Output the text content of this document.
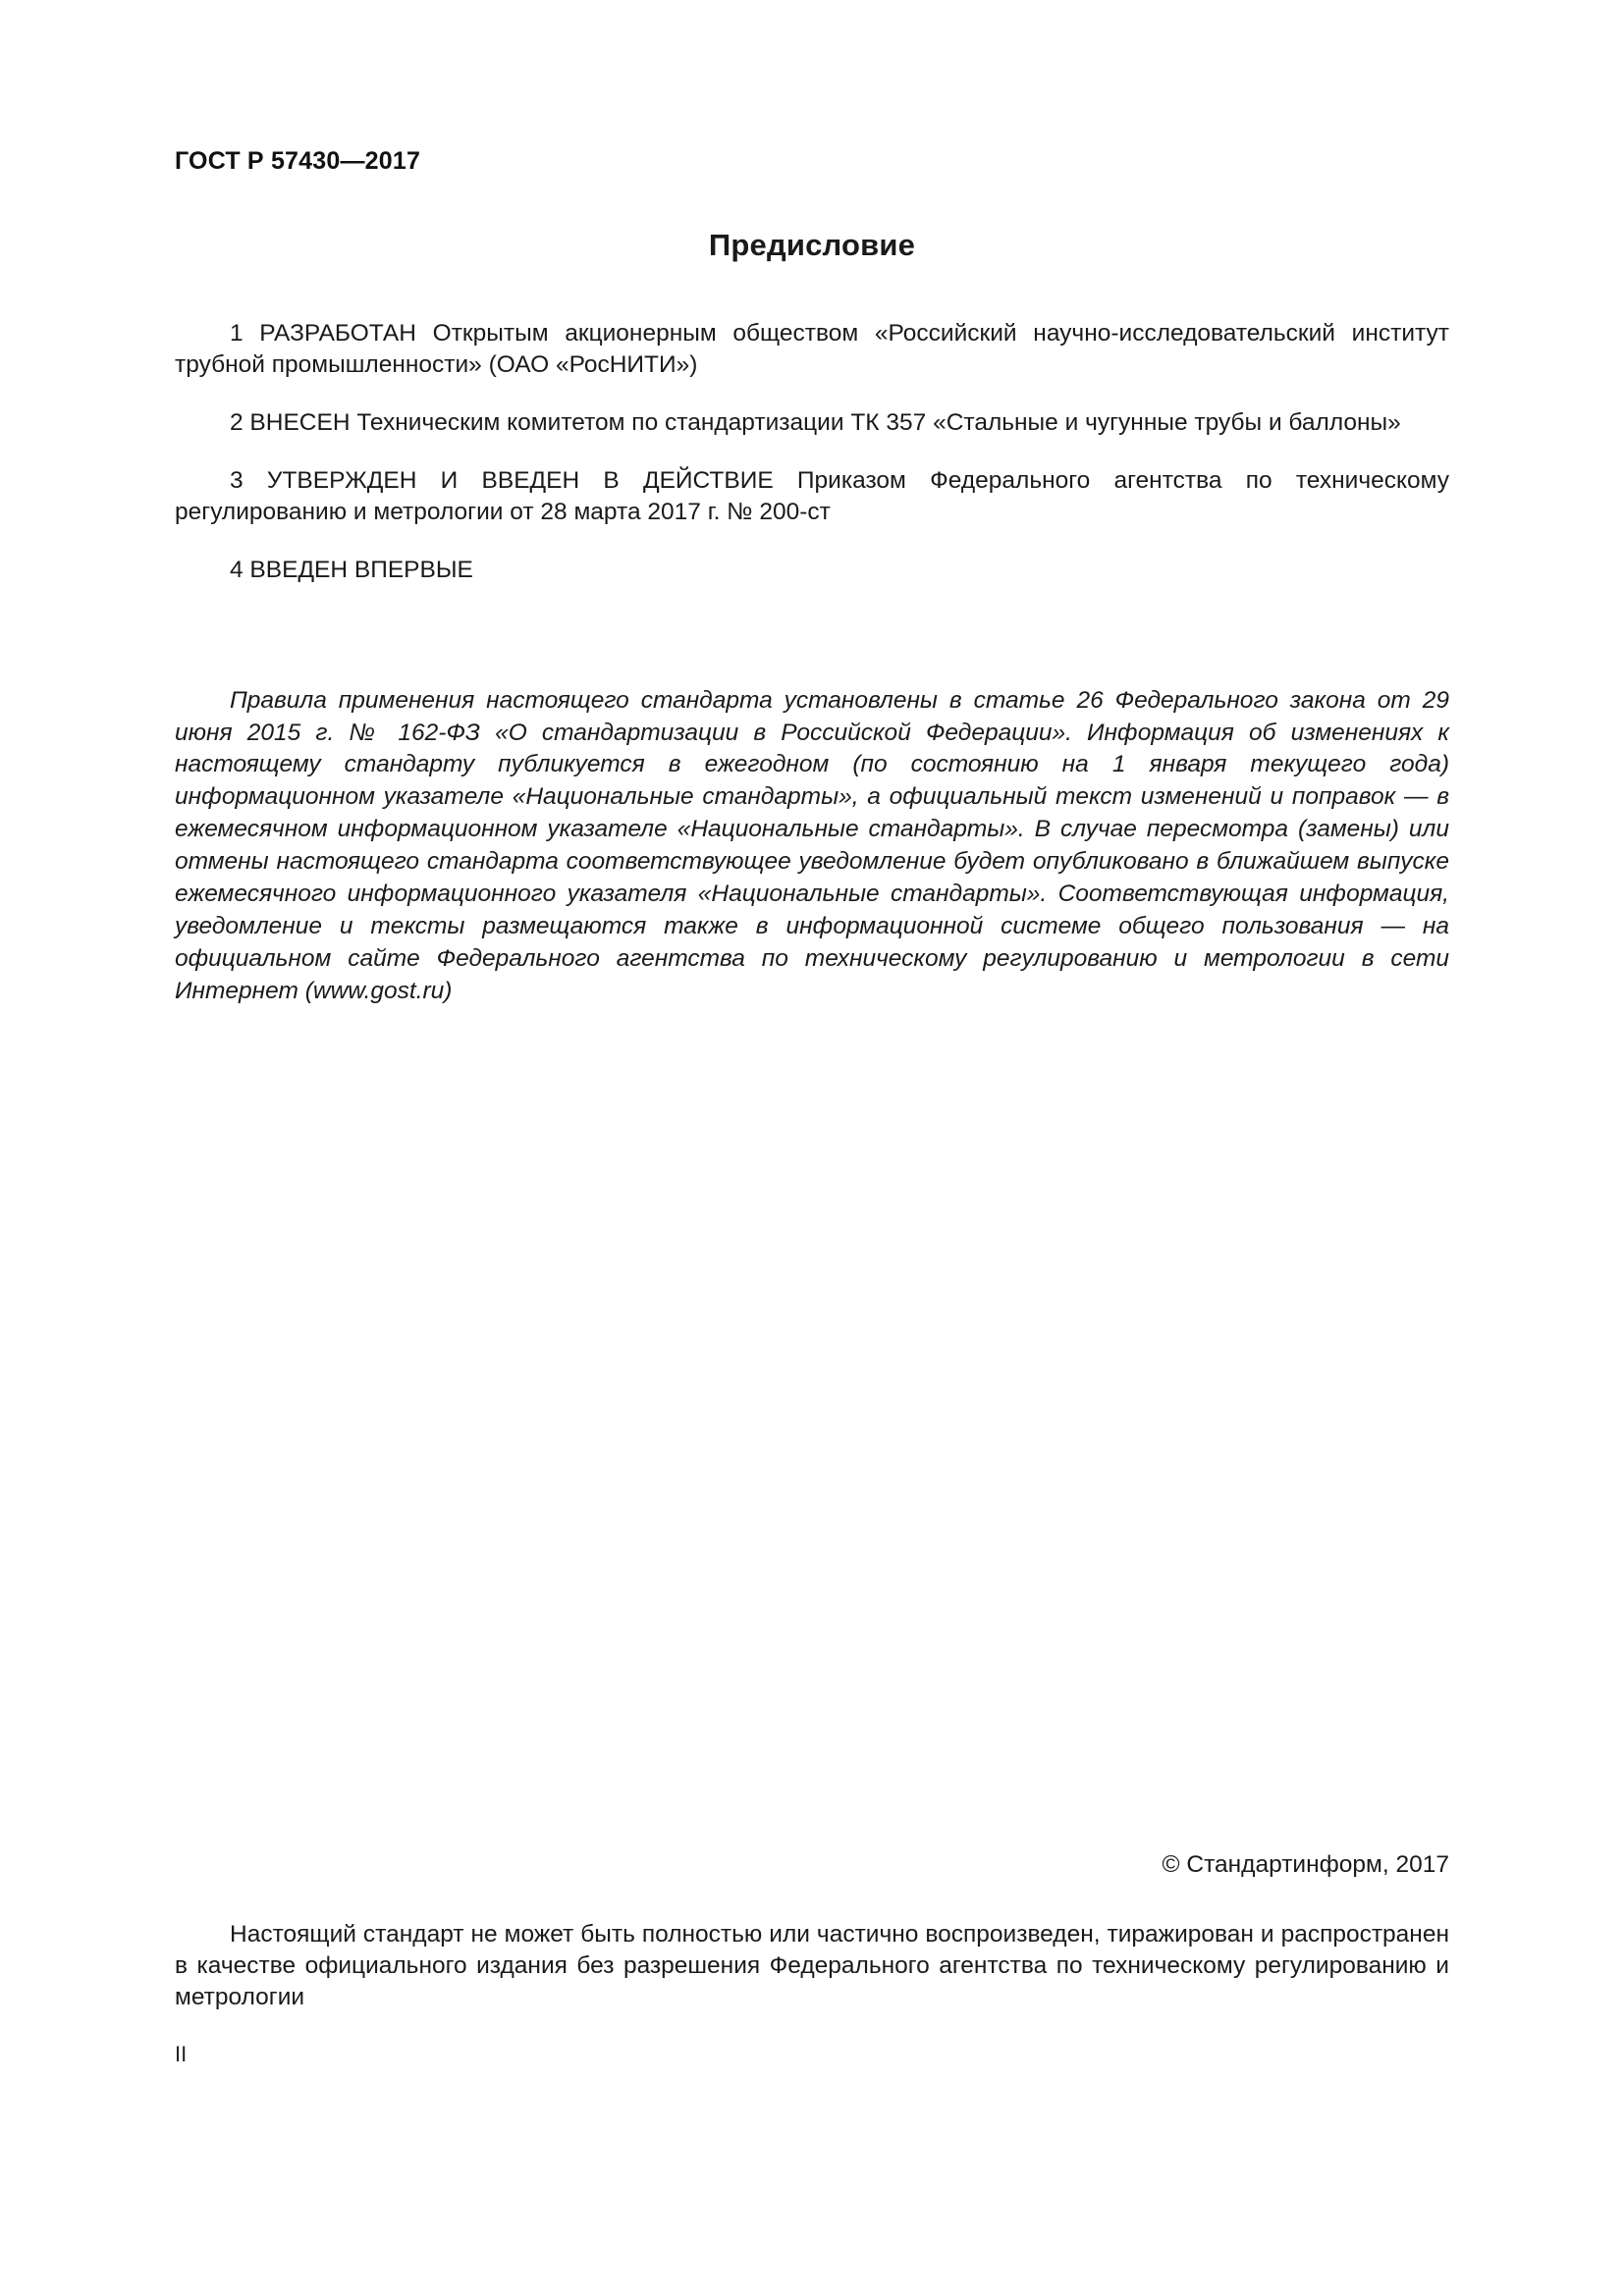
ГОСТ Р 57430—2017
Предисловие

1 РАЗРАБОТАН Открытым акционерным обществом «Российский научно-исследовательский институт трубной промышленности» (ОАО «РосНИТИ»)

2 ВНЕСЕН Техническим комитетом по стандартизации ТК 357 «Стальные и чугунные трубы и баллоны»

3 УТВЕРЖДЕН И ВВЕДЕН В ДЕЙСТВИЕ Приказом Федерального агентства по техническому регулированию и метрологии от 28 марта 2017 г. № 200-ст

4 ВВЕДЕН ВПЕРВЫЕ

Правила применения настоящего стандарта установлены в статье 26 Федерального закона от 29 июня 2015 г. № 162-ФЗ «О стандартизации в Российской Федерации». Информация об изменениях к настоящему стандарту публикуется в ежегодном (по состоянию на 1 января текущего года) информационном указателе «Национальные стандарты», а официальный текст изменений и поправок — в ежемесячном информационном указателе «Национальные стандарты». В случае пересмотра (замены) или отмены настоящего стандарта соответствующее уведомление будет опубликовано в ближайшем выпуске ежемесячного информационного указателя «Национальные стандарты». Соответствующая информация, уведомление и тексты размещаются также в информационной системе общего пользования — на официальном сайте Федерального агентства по техническому регулированию и метрологии в сети Интернет (www.gost.ru)

© Стандартинформ, 2017
Настоящий стандарт не может быть полностью или частично воспроизведен, тиражирован и распространен в качестве официального издания без разрешения Федерального агентства по техническому регулированию и метрологии
II
